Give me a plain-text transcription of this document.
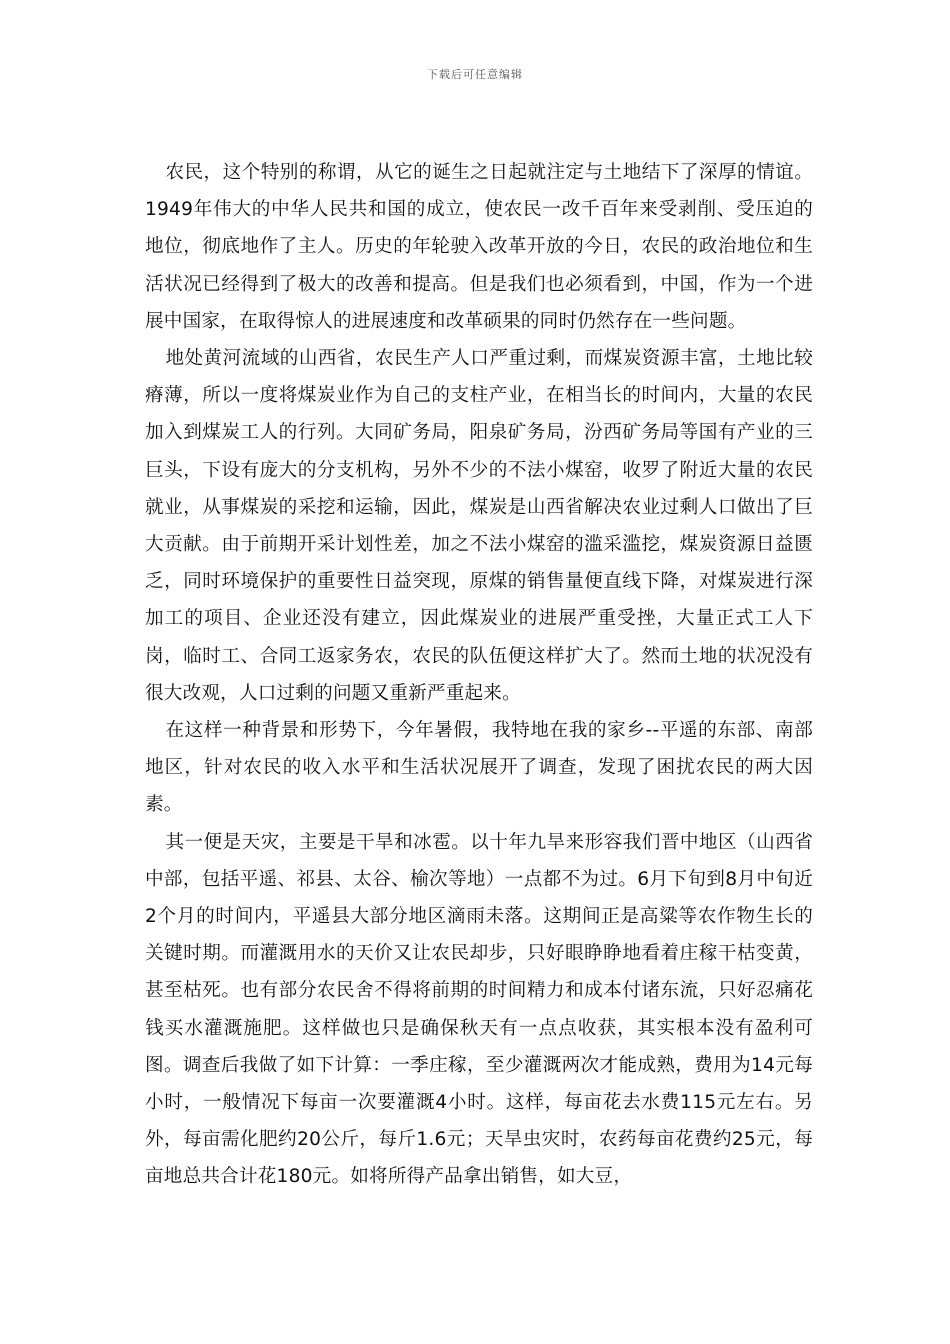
下载后可任意编辑

农民，这个特别的称谓，从它的诞生之日起就注定与土地结下了深厚的情谊。1949年伟大的中华人民共和国的成立，使农民一改千百年来受剥削、受压迫的地位，彻底地作了主人。历史的年轮驶入改革开放的今日，农民的政治地位和生活状况已经得到了极大的改善和提高。但是我们也必须看到，中国，作为一个进展中国家，在取得惊人的进展速度和改革硕果的同时仍然存在一些问题。

地处黄河流域的山西省，农民生产人口严重过剩，而煤炭资源丰富，土地比较瘠薄，所以一度将煤炭业作为自己的支柱产业，在相当长的时间内，大量的农民加入到煤炭工人的行列。大同矿务局，阳泉矿务局，汾西矿务局等国有产业的三巨头，下设有庞大的分支机构，另外不少的不法小煤窑，收罗了附近大量的农民就业，从事煤炭的采挖和运输，因此，煤炭是山西省解决农业过剩人口做出了巨大贡献。由于前期开采计划性差，加之不法小煤窑的滥采滥挖，煤炭资源日益匮乏，同时环境保护的重要性日益突现，原煤的销售量便直线下降，对煤炭进行深加工的项目、企业还没有建立，因此煤炭业的进展严重受挫，大量正式工人下岗，临时工、合同工返家务农，农民的队伍便这样扩大了。然而土地的状况没有很大改观，人口过剩的问题又重新严重起来。

在这样一种背景和形势下，今年暑假，我特地在我的家乡--平遥的东部、南部地区，针对农民的收入水平和生活状况展开了调查，发现了困扰农民的两大因素。

其一便是天灾，主要是干旱和冰雹。以十年九旱来形容我们晋中地区（山西省中部，包括平遥、祁县、太谷、榆次等地）一点都不为过。6月下旬到8月中旬近2个月的时间内，平遥县大部分地区滴雨未落。这期间正是高粱等农作物生长的关键时期。而灌溉用水的天价又让农民却步，只好眼睁睁地看着庄稼干枯变黄，甚至枯死。也有部分农民舍不得将前期的时间精力和成本付诸东流，只好忍痛花钱买水灌溉施肥。这样做也只是确保秋天有一点点收获，其实根本没有盈利可图。调查后我做了如下计算：一季庄稼，至少灌溉两次才能成熟，费用为14元每小时，一般情况下每亩一次要灌溉4小时。这样，每亩花去水费115元左右。另外，每亩需化肥约20公斤，每斤1.6元；天旱虫灾时，农药每亩花费约25元，每亩地总共合计花180元。如将所得产品拿出销售，如大豆，
